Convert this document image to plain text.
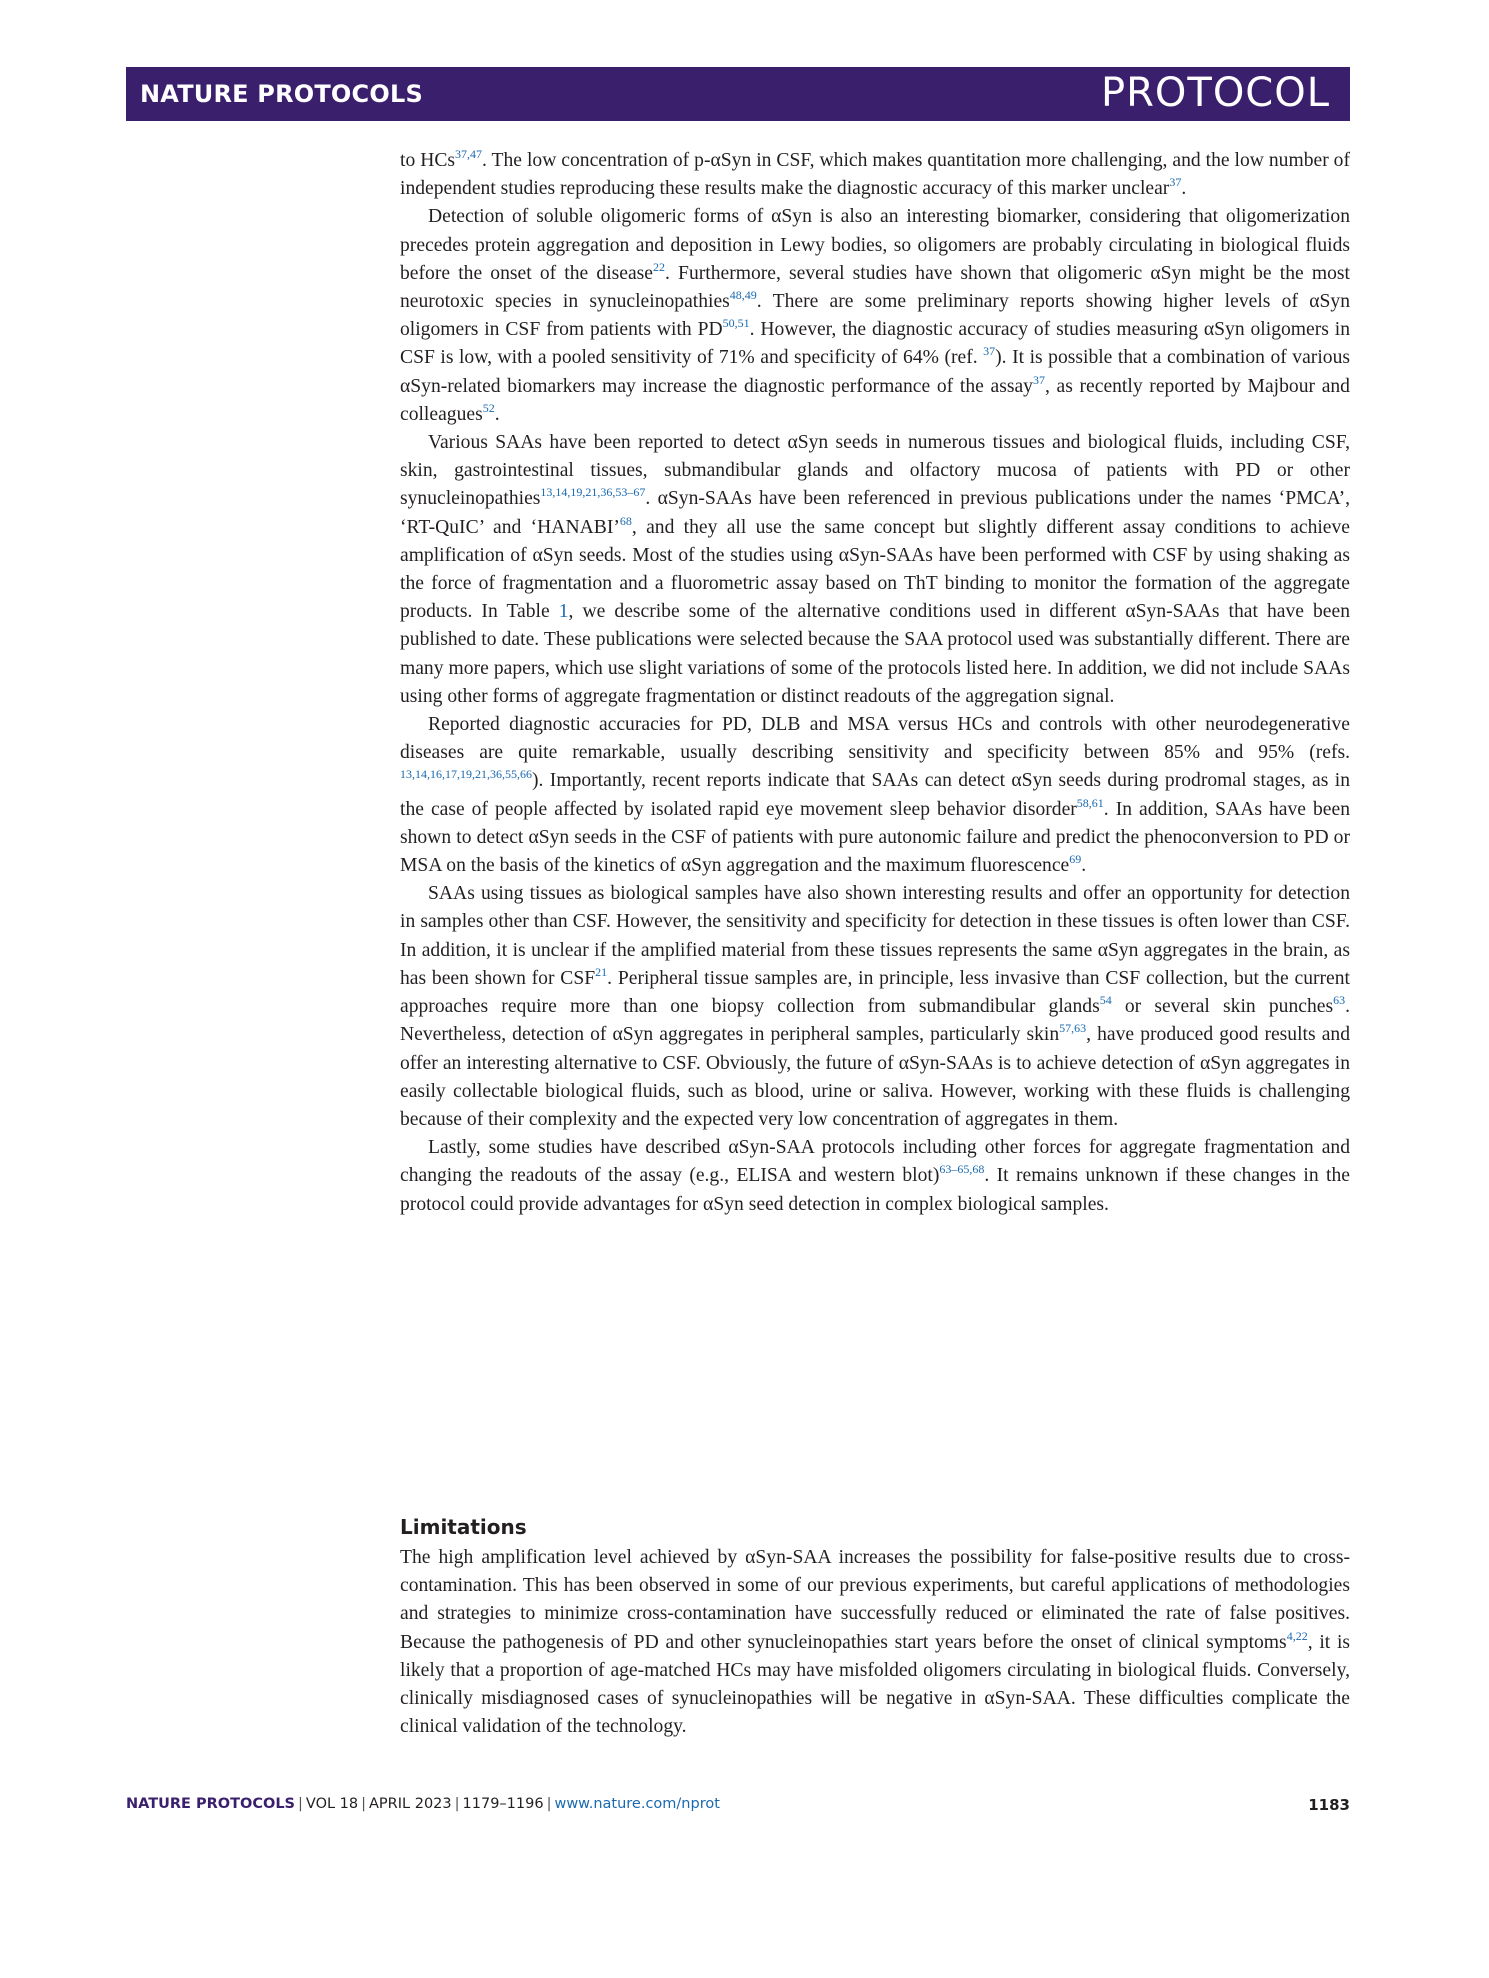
NATURE PROTOCOLS	PROTOCOL

to HCs$^{37,47}$. The low concentration of p-αSyn in CSF, which makes quantitation more challenging, and the low number of independent studies reproducing these results make the diagnostic accuracy of this marker unclear$^{37}$.

Detection of soluble oligomeric forms of αSyn is also an interesting biomarker, considering that oligomerization precedes protein aggregation and deposition in Lewy bodies, so oligomers are probably circulating in biological fluids before the onset of the disease$^{22}$. Furthermore, several studies have shown that oligomeric αSyn might be the most neurotoxic species in synucleinopathies$^{48,49}$. There are some preliminary reports showing higher levels of αSyn oligomers in CSF from patients with PD$^{50,51}$. However, the diagnostic accuracy of studies measuring αSyn oligomers in CSF is low, with a pooled sensitivity of 71% and specificity of 64% (ref. $^{37}$). It is possible that a combination of various αSyn-related biomarkers may increase the diagnostic performance of the assay$^{37}$, as recently reported by Majbour and colleagues$^{52}$.

Various SAAs have been reported to detect αSyn seeds in numerous tissues and biological fluids, including CSF, skin, gastrointestinal tissues, submandibular glands and olfactory mucosa of patients with PD or other synucleinopathies$^{13,14,19,21,36,53-67}$. αSyn-SAAs have been referenced in previous publications under the names ‘PMCA’, ‘RT-QuIC’ and ‘HANABI’$^{68}$, and they all use the same concept but slightly different assay conditions to achieve amplification of αSyn seeds. Most of the studies using αSyn-SAAs have been performed with CSF by using shaking as the force of fragmentation and a fluorometric assay based on ThT binding to monitor the formation of the aggregate products. In Table 1, we describe some of the alternative conditions used in different αSyn-SAAs that have been published to date. These publications were selected because the SAA protocol used was substantially different. There are many more papers, which use slight variations of some of the protocols listed here. In addition, we did not include SAAs using other forms of aggregate fragmentation or distinct readouts of the aggregation signal.

Reported diagnostic accuracies for PD, DLB and MSA versus HCs and controls with other neurodegenerative diseases are quite remarkable, usually describing sensitivity and specificity between 85% and 95% (refs. $^{13,14,16,17,19,21,36,55,66}$). Importantly, recent reports indicate that SAAs can detect αSyn seeds during prodromal stages, as in the case of people affected by isolated rapid eye movement sleep behavior disorder$^{58,61}$. In addition, SAAs have been shown to detect αSyn seeds in the CSF of patients with pure autonomic failure and predict the phenoconversion to PD or MSA on the basis of the kinetics of αSyn aggregation and the maximum fluorescence$^{69}$.

SAAs using tissues as biological samples have also shown interesting results and offer an opportunity for detection in samples other than CSF. However, the sensitivity and specificity for detection in these tissues is often lower than CSF. In addition, it is unclear if the amplified material from these tissues represents the same αSyn aggregates in the brain, as has been shown for CSF$^{21}$. Peripheral tissue samples are, in principle, less invasive than CSF collection, but the current approaches require more than one biopsy collection from submandibular glands$^{54}$ or several skin punches$^{63}$. Nevertheless, detection of αSyn aggregates in peripheral samples, particularly skin$^{57,63}$, have produced good results and offer an interesting alternative to CSF. Obviously, the future of αSyn-SAAs is to achieve detection of αSyn aggregates in easily collectable biological fluids, such as blood, urine or saliva. However, working with these fluids is challenging because of their complexity and the expected very low concentration of aggregates in them.

Lastly, some studies have described αSyn-SAA protocols including other forces for aggregate fragmentation and changing the readouts of the assay (e.g., ELISA and western blot)$^{63-65,68}$. It remains unknown if these changes in the protocol could provide advantages for αSyn seed detection in complex biological samples.

Limitations

The high amplification level achieved by αSyn-SAA increases the possibility for false-positive results due to cross-contamination. This has been observed in some of our previous experiments, but careful applications of methodologies and strategies to minimize cross-contamination have successfully reduced or eliminated the rate of false positives. Because the pathogenesis of PD and other synucleinopathies start years before the onset of clinical symptoms$^{4,22}$, it is likely that a proportion of age-matched HCs may have misfolded oligomers circulating in biological fluids. Conversely, clinically misdiagnosed cases of synucleinopathies will be negative in αSyn-SAA. These difficulties complicate the clinical validation of the technology.

NATURE PROTOCOLS | VOL 18 | APRIL 2023 | 1179–1196 | www.nature.com/nprot	1183
